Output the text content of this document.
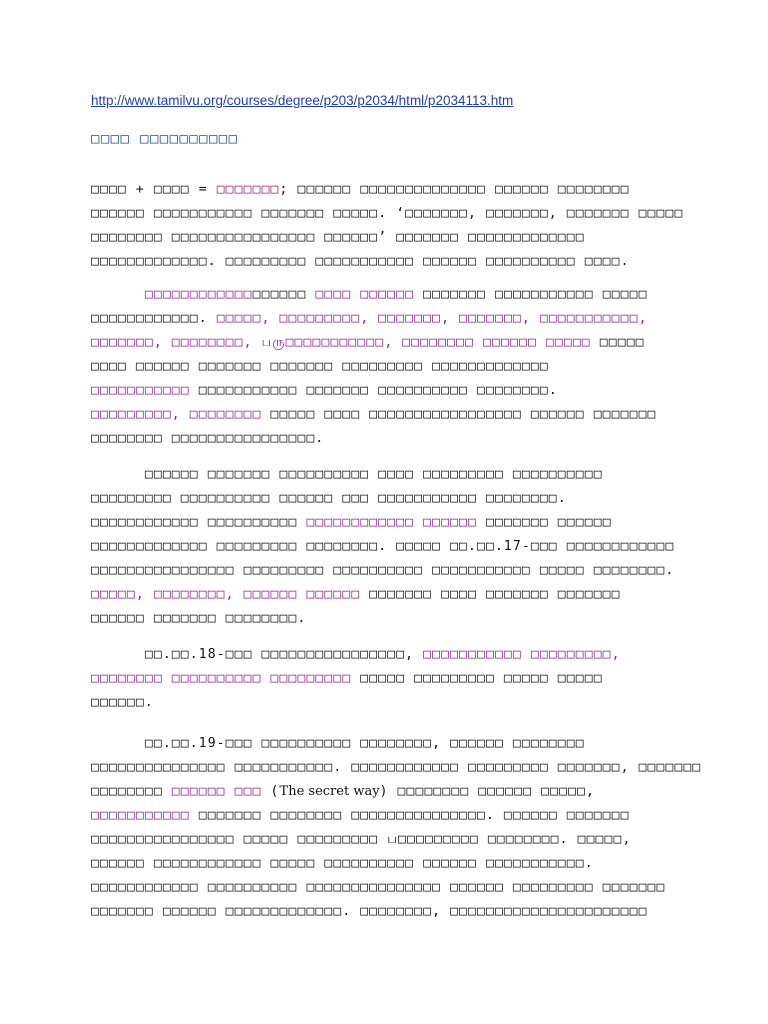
http://www.tamilvu.org/courses/degree/p203/p2034/html/p2034113.htm
□□□□ □□□□□□□□□□
□□□□ + □□□□ = □□□□□□□; □□□□□□ □□□□□□□□□□□□□□ □□□□□□ □□□□□□□□
□□□□□□ □□□□□□□□□□□ □□□□□□□ □□□□□. ‘□□□□□□□, □□□□□□□, □□□□□□□ □□□□□
□□□□□□□□ □□□□□□□□□□□□□□□□ □□□□□□’ □□□□□□□ □□□□□□□□□□□□□
□□□□□□□□□□□□□. □□□□□□□□□ □□□□□□□□□□□ □□□□□□ □□□□□□□□□□ □□□□.
□□□□□□□□□□□□□□□□□□ □□□□ □□□□□□ □□□□□□□ □□□□□□□□□□□ □□□□□
□□□□□□□□□□□□. □□□□□, □□□□□□□□□, □□□□□□□, □□□□□□□, □□□□□□□□□□□,
□□□□□□□, □□□□□□□□, பரு□□□□□□□□□□□, □□□□□□□□ □□□□□□ □□□□□ □□□□□
□□□□ □□□□□□ □□□□□□□ □□□□□□□ □□□□□□□□□ □□□□□□□□□□□□□
□□□□□□□□□□□ □□□□□□□□□□□ □□□□□□□ □□□□□□□□□□ □□□□□□□□.
□□□□□□□□□, □□□□□□□□ □□□□□ □□□□ □□□□□□□□□□□□□□□□□ □□□□□□ □□□□□□□
□□□□□□□□ □□□□□□□□□□□□□□□□.
□□□□□□ □□□□□□□ □□□□□□□□□□ □□□□ □□□□□□□□□ □□□□□□□□□□
□□□□□□□□□ □□□□□□□□□□ □□□□□□ □□□ □□□□□□□□□□□ □□□□□□□□.
□□□□□□□□□□□□ □□□□□□□□□□ □□□□□□□□□□□□ □□□□□□ □□□□□□□ □□□□□□
□□□□□□□□□□□□□ □□□□□□□□□ □□□□□□□□. □□□□□ □□.□□.17-□□□ □□□□□□□□□□□□
□□□□□□□□□□□□□□□□ □□□□□□□□□ □□□□□□□□□□ □□□□□□□□□□□ □□□□□ □□□□□□□□.
□□□□□, □□□□□□□□, □□□□□□ □□□□□□ □□□□□□□ □□□□ □□□□□□□ □□□□□□□
□□□□□□ □□□□□□□ □□□□□□□□.
□□.□□.18-□□□ □□□□□□□□□□□□□□□□, □□□□□□□□□□□ □□□□□□□□□,
□□□□□□□□ □□□□□□□□□□ □□□□□□□□□ □□□□□ □□□□□□□□□ □□□□□ □□□□□
□□□□□□.
□□.□□.19-□□□ □□□□□□□□□□ □□□□□□□□, □□□□□□ □□□□□□□□
□□□□□□□□□□□□□□□ □□□□□□□□□□□. □□□□□□□□□□□□ □□□□□□□□□ □□□□□□□, □□□□□□□
□□□□□□□□ □□□□□□ □□□ (The secret way) □□□□□□□□ □□□□□□ □□□□□,
□□□□□□□□□□□ □□□□□□□ □□□□□□□□ □□□□□□□□□□□□□□□. □□□□□□ □□□□□□□
□□□□□□□□□□□□□□□□ □□□□□ □□□□□□□□□ ப□□□□□□□□□ □□□□□□□□. □□□□□,
□□□□□□ □□□□□□□□□□□□ □□□□□ □□□□□□□□□□ □□□□□□ □□□□□□□□□□□.
□□□□□□□□□□□□ □□□□□□□□□□ □□□□□□□□□□□□□□□ □□□□□□ □□□□□□□□□ □□□□□□□
□□□□□□□ □□□□□□ □□□□□□□□□□□□□. □□□□□□□□, □□□□□□□□□□□□□□□□□□□□□□
